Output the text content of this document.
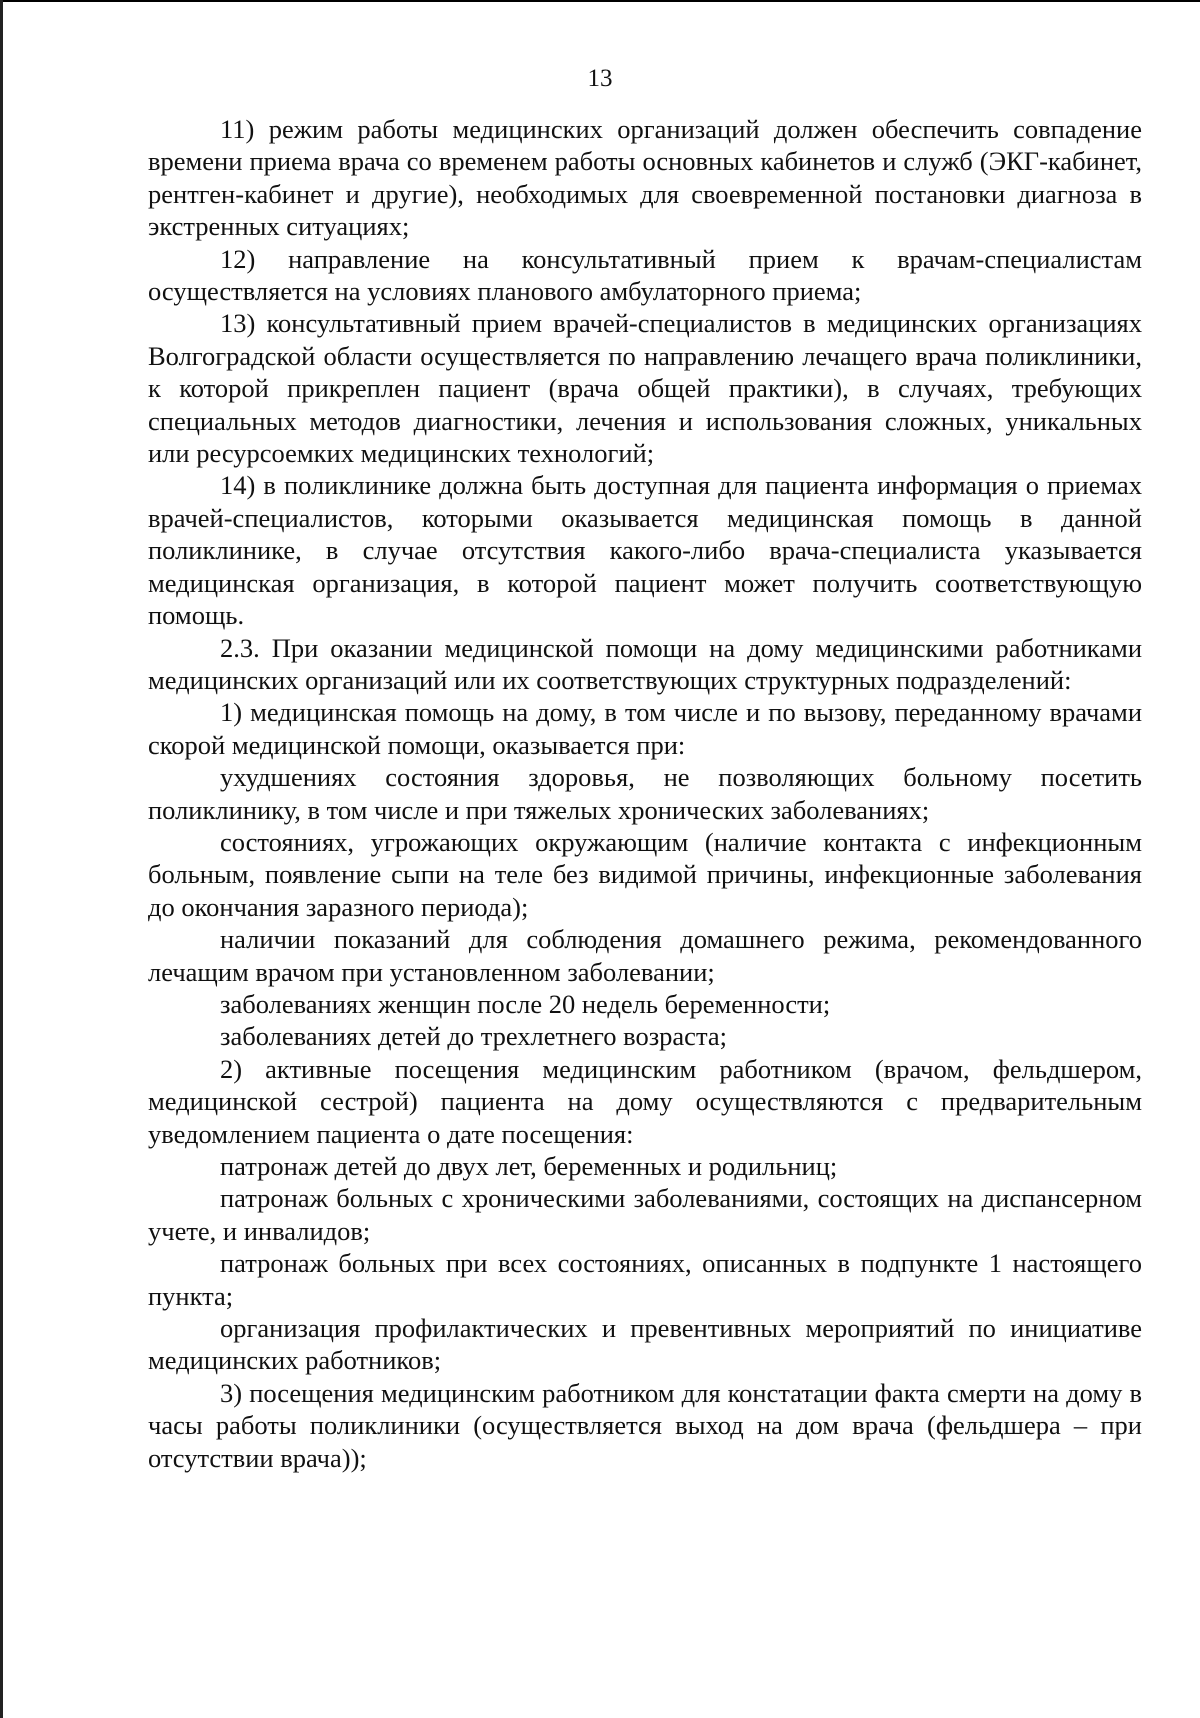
13

11) режим работы медицинских организаций должен обеспечить совпадение времени приема врача со временем работы основных кабинетов и служб (ЭКГ-кабинет, рентген-кабинет и другие), необходимых для своевременной постановки диагноза в экстренных ситуациях;

12) направление на консультативный прием к врачам-специалистам осуществляется на условиях планового амбулаторного приема;

13) консультативный прием врачей-специалистов в медицинских организациях Волгоградской области осуществляется по направлению лечащего врача поликлиники, к которой прикреплен пациент (врача общей практики), в случаях, требующих специальных методов диагностики, лечения и использования сложных, уникальных или ресурсоемких медицинских технологий;

14) в поликлинике должна быть доступная для пациента информация о приемах врачей-специалистов, которыми оказывается медицинская помощь в данной поликлинике, в случае отсутствия какого-либо врача-специалиста указывается медицинская организация, в которой пациент может получить соответствующую помощь.

2.3. При оказании медицинской помощи на дому медицинскими работниками медицинских организаций или их соответствующих структурных подразделений:

1) медицинская помощь на дому, в том числе и по вызову, переданному врачами скорой медицинской помощи, оказывается при:

ухудшениях состояния здоровья, не позволяющих больному посетить поликлинику, в том числе и при тяжелых хронических заболеваниях;

состояниях, угрожающих окружающим (наличие контакта с инфекционным больным, появление сыпи на теле без видимой причины, инфекционные заболевания до окончания заразного периода);

наличии показаний для соблюдения домашнего режима, рекомендованного лечащим врачом при установленном заболевании;

заболеваниях женщин после 20 недель беременности;

заболеваниях детей до трехлетнего возраста;

2) активные посещения медицинским работником (врачом, фельдшером, медицинской сестрой) пациента на дому осуществляются с предварительным уведомлением пациента о дате посещения:

патронаж детей до двух лет, беременных и родильниц;

патронаж больных с хроническими заболеваниями, состоящих на диспансерном учете, и инвалидов;

патронаж больных при всех состояниях, описанных в подпункте 1 настоящего пункта;

организация профилактических и превентивных мероприятий по инициативе медицинских работников;

3) посещения медицинским работником для констатации факта смерти на дому в часы работы поликлиники (осуществляется выход на дом врача (фельдшера – при отсутствии врача));
